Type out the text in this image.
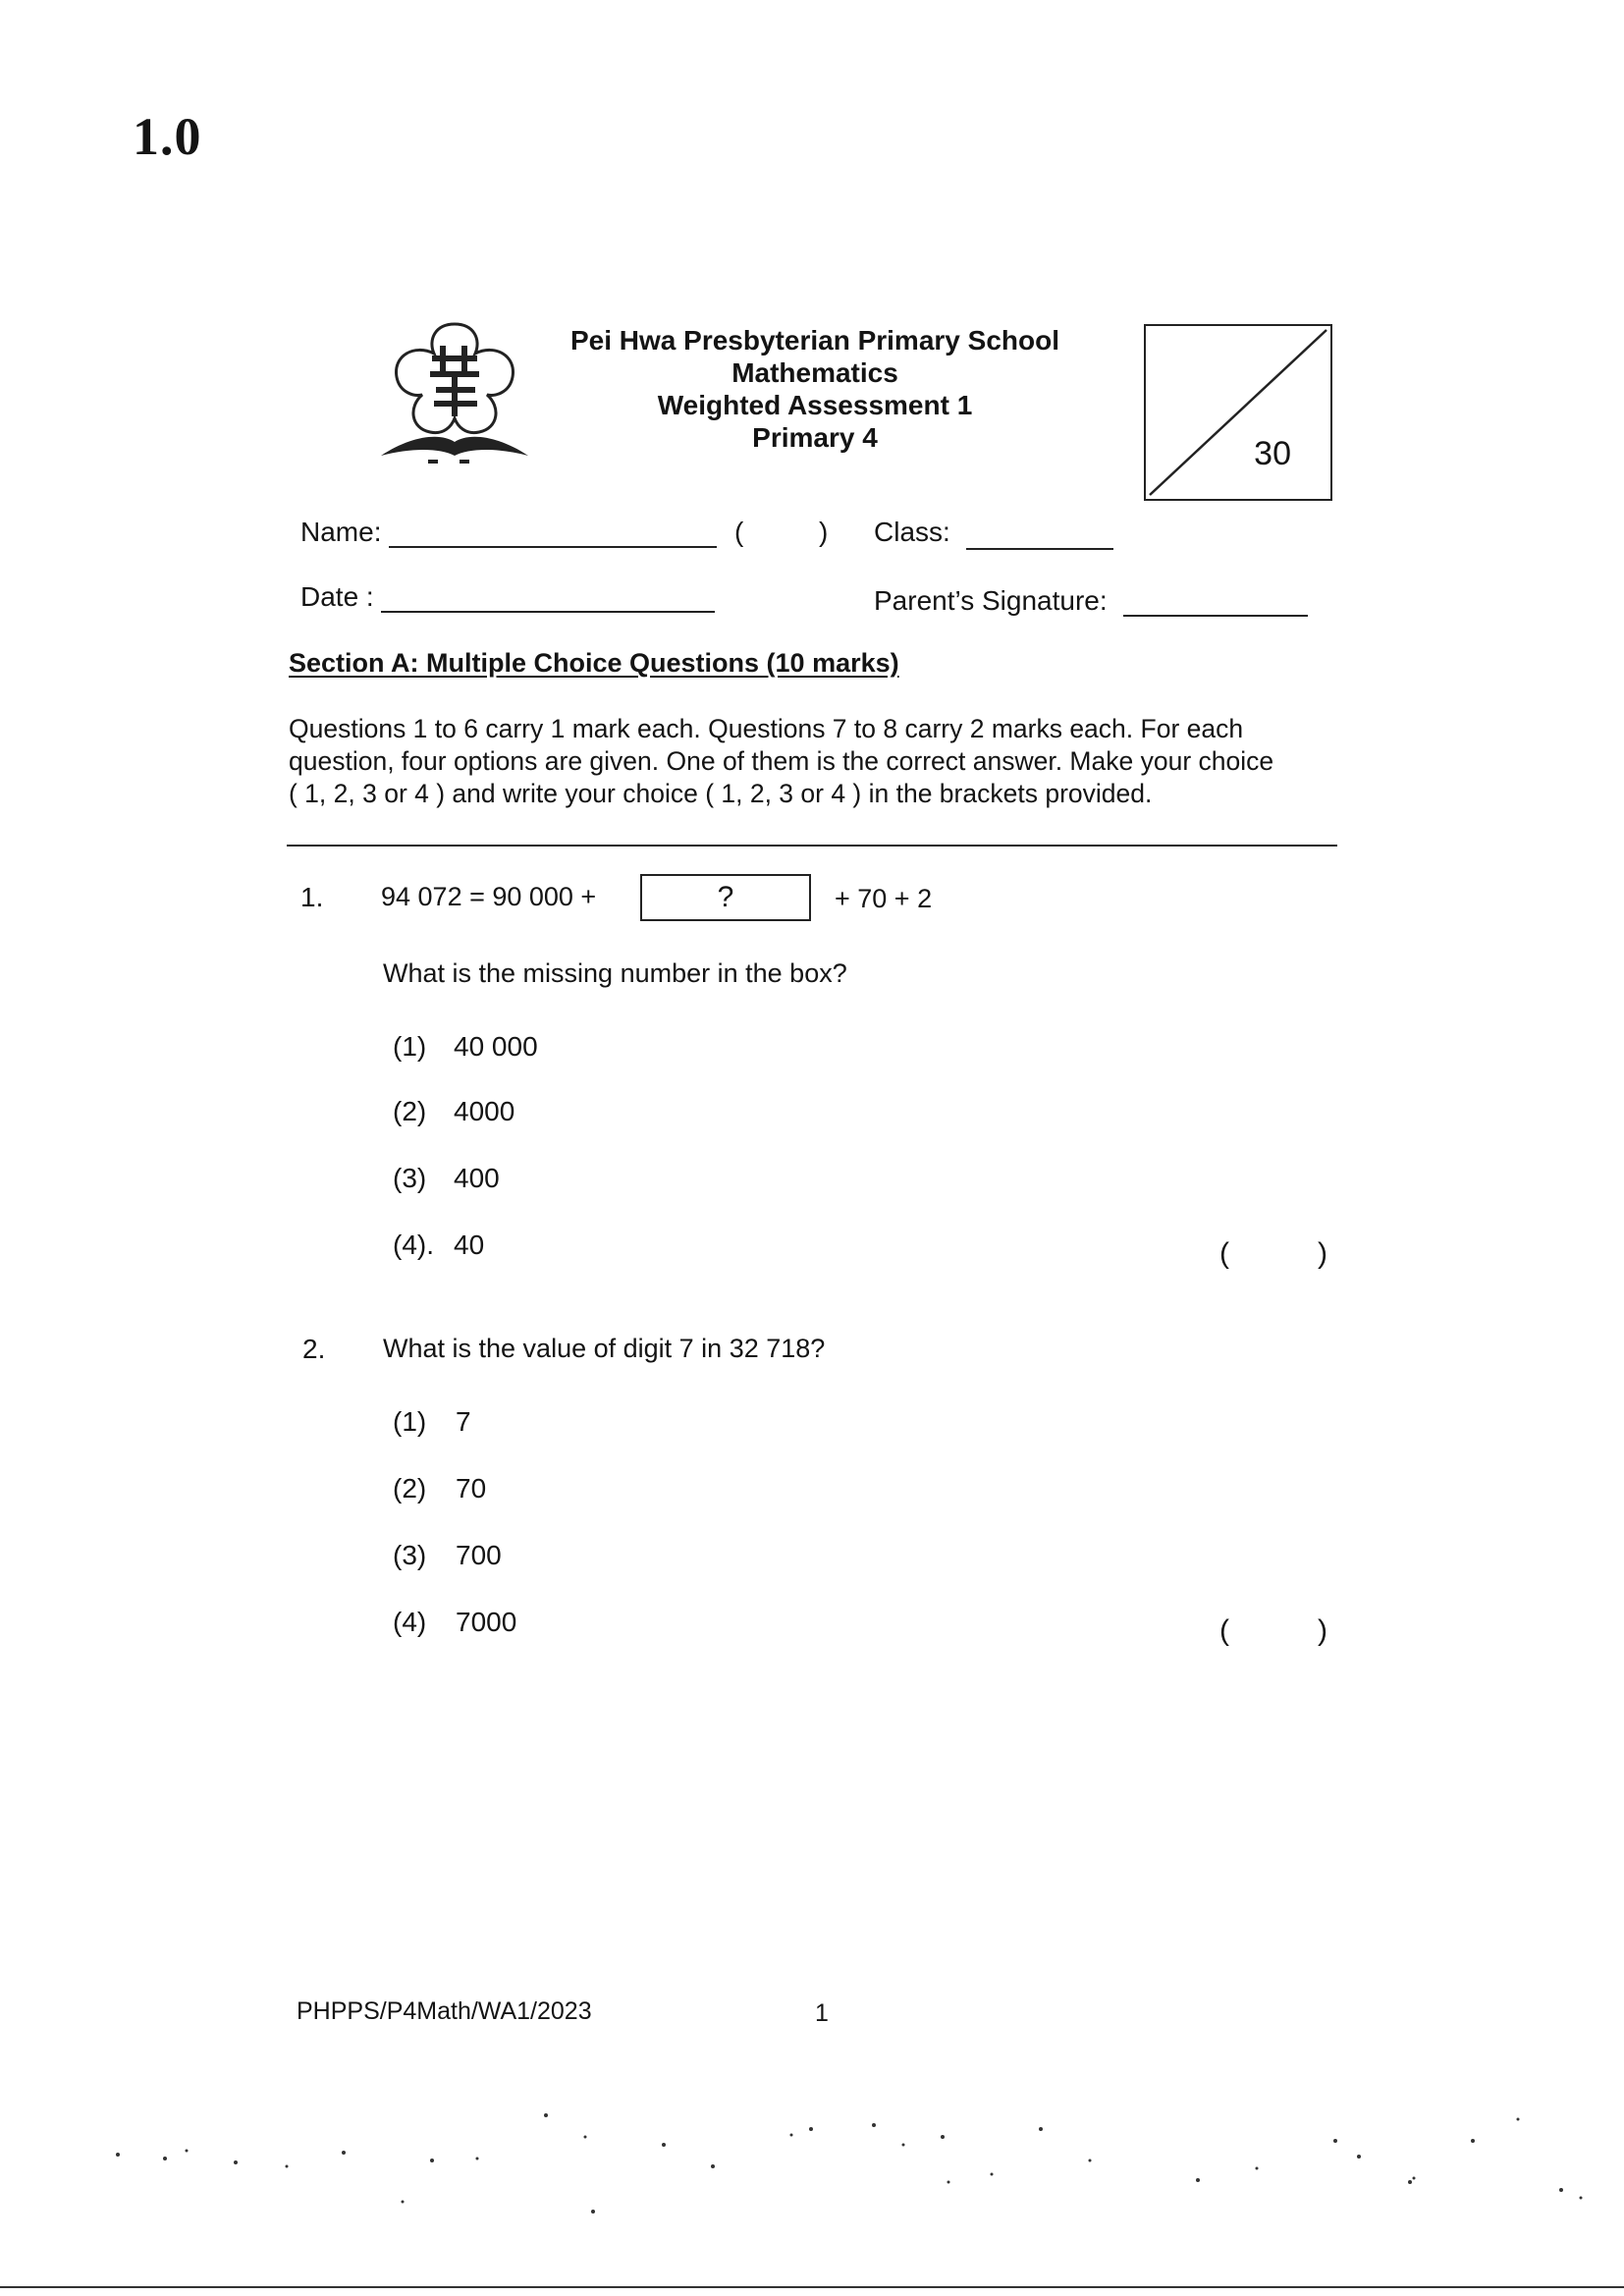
1.0
Pei Hwa Presbyterian Primary School
Mathematics
Weighted Assessment 1
Primary 4	30
Name:	(	) Class:
Date :	Parent’s Signature:
Section A: Multiple Choice Questions (10 marks)
Questions 1 to 6 carry 1 mark each. Questions 7 to 8 carry 2 marks each. For each
question, four options are given. One of them is the correct answer. Make your choice
( 1, 2, 3 or 4 ) and write your choice ( 1, 2, 3 or 4 ) in the brackets provided.
1. 94 072 = 90 000 +	?	+ 70 + 2
What is the missing number in the box?
(1) 40 000
(2) 4000
(3) 400
(4). 40	(	)
2. What is the value of digit 7 in 32 718?
(1) 7
(2) 70
(3) 700
(4) 7000	(	)
PHPPS/P4Math/WA1/2023	1
